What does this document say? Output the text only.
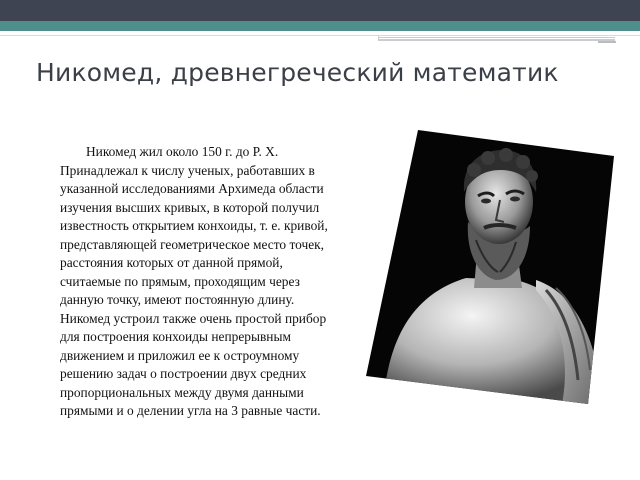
Никомед, древнегреческий математик

Никомед жил около 150 г. до Р. Х. Принадлежал к числу ученых, работавших в указанной исследованиями Архимеда области изучения высших кривых, в которой получил известность открытием конхоиды, т. е. кривой, представляющей геометрическое место точек, расстояния которых от данной прямой, считаемые по прямым, проходящим через данную точку, имеют постоянную длину. Никомед устроил также очень простой прибор для построения конхоиды непрерывным движением и приложил ее к остроумному решению задач о построении двух средних пропорциональных между двумя данными прямыми и о делении угла на 3 равные части.
